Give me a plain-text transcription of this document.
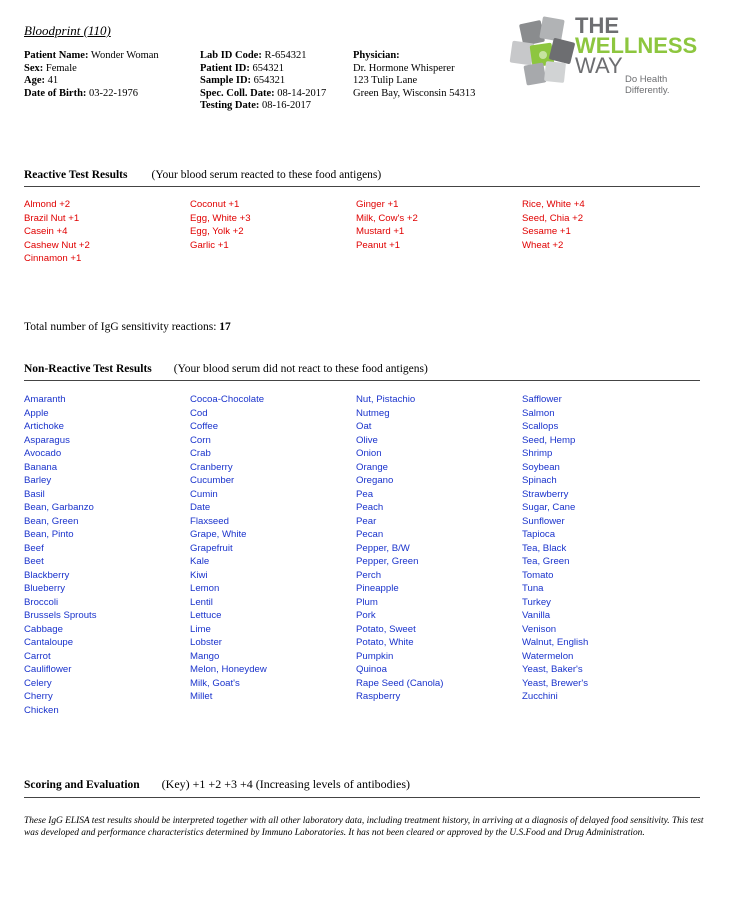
Bloodprint (110)
Patient Name: Wonder Woman
Sex: Female
Age: 41
Date of Birth: 03-22-1976
Lab ID Code: R-654321
Patient ID: 654321
Sample ID: 654321
Spec. Coll. Date: 08-14-2017
Testing Date: 08-16-2017
Physician:
Dr. Hormone Whisperer
123 Tulip Lane
Green Bay, Wisconsin 54313
THE
WELLNESS
WAY
Do Health Differently.
Reactive Test Results (Your blood serum reacted to these food antigens)
Almond +2
Brazil Nut +1
Casein +4
Cashew Nut +2
Cinnamon +1
Coconut +1
Egg, White +3
Egg, Yolk +2
Garlic +1
Ginger +1
Milk, Cow's +2
Mustard +1
Peanut +1
Rice, White +4
Seed, Chia +2
Sesame +1
Wheat +2
Total number of IgG sensitivity reactions: 17
Non-Reactive Test Results (Your blood serum did not react to these food antigens)
Amaranth
Apple
Artichoke
Asparagus
Avocado
Banana
Barley
Basil
Bean, Garbanzo
Bean, Green
Bean, Pinto
Beef
Beet
Blackberry
Blueberry
Broccoli
Brussels Sprouts
Cabbage
Cantaloupe
Carrot
Cauliflower
Celery
Cherry
Chicken
Cocoa-Chocolate
Cod
Coffee
Corn
Crab
Cranberry
Cucumber
Cumin
Date
Flaxseed
Grape, White
Grapefruit
Kale
Kiwi
Lemon
Lentil
Lettuce
Lime
Lobster
Mango
Melon, Honeydew
Milk, Goat's
Millet
Nut, Pistachio
Nutmeg
Oat
Olive
Onion
Orange
Oregano
Pea
Peach
Pear
Pecan
Pepper, B/W
Pepper, Green
Perch
Pineapple
Plum
Pork
Potato, Sweet
Potato, White
Pumpkin
Quinoa
Rape Seed (Canola)
Raspberry
Safflower
Salmon
Scallops
Seed, Hemp
Shrimp
Soybean
Spinach
Strawberry
Sugar, Cane
Sunflower
Tapioca
Tea, Black
Tea, Green
Tomato
Tuna
Turkey
Vanilla
Venison
Walnut, English
Watermelon
Yeast, Baker's
Yeast, Brewer's
Zucchini
Scoring and Evaluation (Key) +1 +2 +3 +4 (Increasing levels of antibodies)
These IgG ELISA test results should be interpreted together with all other laboratory data, including treatment history, in arriving at a diagnosis of delayed food sensitivity. This test was developed and performance characteristics determined by Immuno Laboratories. It has not been cleared or approved by the U.S.Food and Drug Administration.
